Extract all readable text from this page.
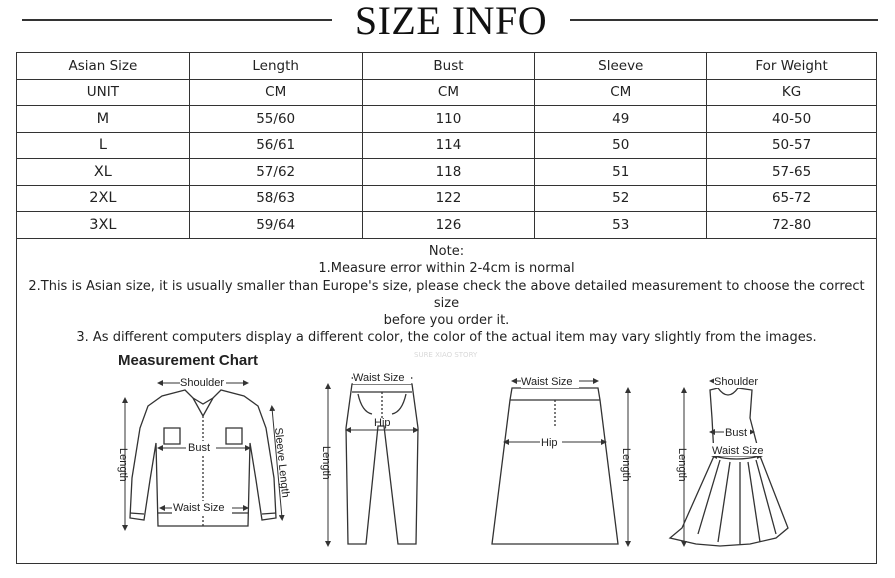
SIZE INFO
Asian Size	Length	Bust	Sleeve	For Weight
UNIT	CM	CM	CM	KG
M	55/60	110	49	40-50
L	56/61	114	50	50-57
XL	57/62	118	51	57-65
2XL	58/63	122	52	65-72
3XL	59/64	126	53	72-80
Note:
1.Measure error within 2-4cm is normal
2.This is Asian size, it is usually smaller than Europe's size, please check the above detailed measurement to choose the correct size
before you order it.
3. As different computers display a different color, the color of the actual item may vary slightly from the images.
Measurement Chart	SURE XIAO STORY
Shoulder
Bust
Waist Size
Length	Sleeve Length
Waist Size
Hip
Length
Waist Size
Hip
Length
Shoulder
Bust
Waist Size
Length
